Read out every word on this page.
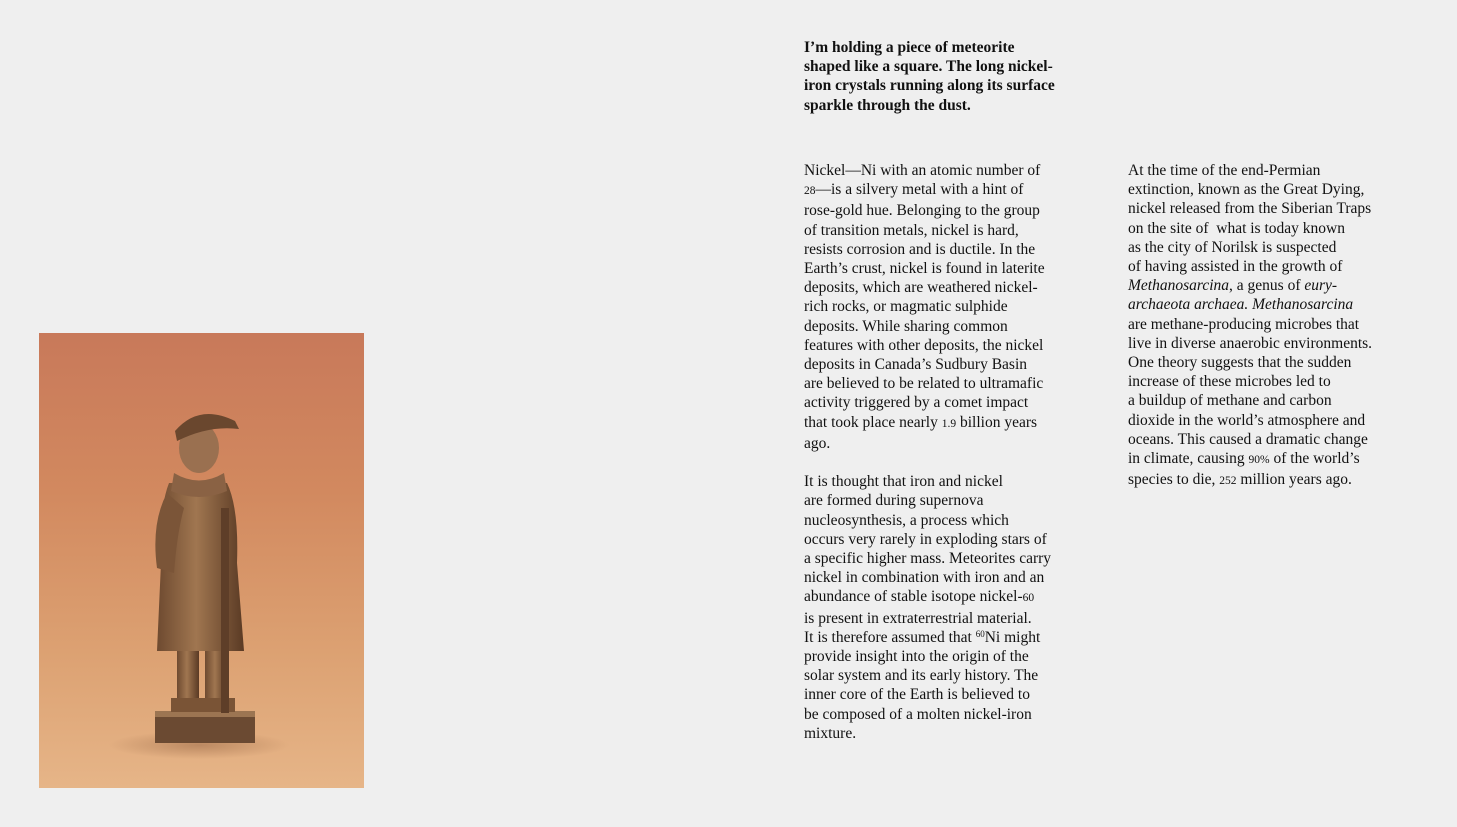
I’m holding a piece of meteorite
shaped like a square. The long nickel-
iron crystals running along its surface
sparkle through the dust.
Nickel—Ni with an atomic number of
28—is a silvery metal with a hint of
rose-gold hue. Belonging to the group
of transition metals, nickel is hard,
resists corrosion and is ductile. In the
Earth’s crust, nickel is found in laterite
deposits, which are weathered nickel-
rich rocks, or magmatic sulphide
deposits. While sharing common
features with other deposits, the nickel
deposits in Canada’s Sudbury Basin
are believed to be related to ultramafic
activity triggered by a comet impact
that took place nearly 1.9 billion years
ago.
It is thought that iron and nickel
are formed during supernova
nucleosynthesis, a process which
occurs very rarely in exploding stars of
a specific higher mass. Meteorites carry
nickel in combination with iron and an
abundance of stable isotope nickel-60
is present in extraterrestrial material.
It is therefore assumed that $^{60}$Ni might
provide insight into the origin of the
solar system and its early history. The
inner core of the Earth is believed to
be composed of a molten nickel-iron
mixture.
At the time of the end-Permian
extinction, known as the Great Dying,
nickel released from the Siberian Traps
on the site of  what is today known
as the city of Norilsk is suspected
of having assisted in the growth of
Methanosarcina, a genus of eury-
archaeota archaea. Methanosarcina
are methane-producing microbes that
live in diverse anaerobic environments.
One theory suggests that the sudden
increase of these microbes led to
a buildup of methane and carbon
dioxide in the world’s atmosphere and
oceans. This caused a dramatic change
in climate, causing 90% of the world’s
species to die, 252 million years ago.
